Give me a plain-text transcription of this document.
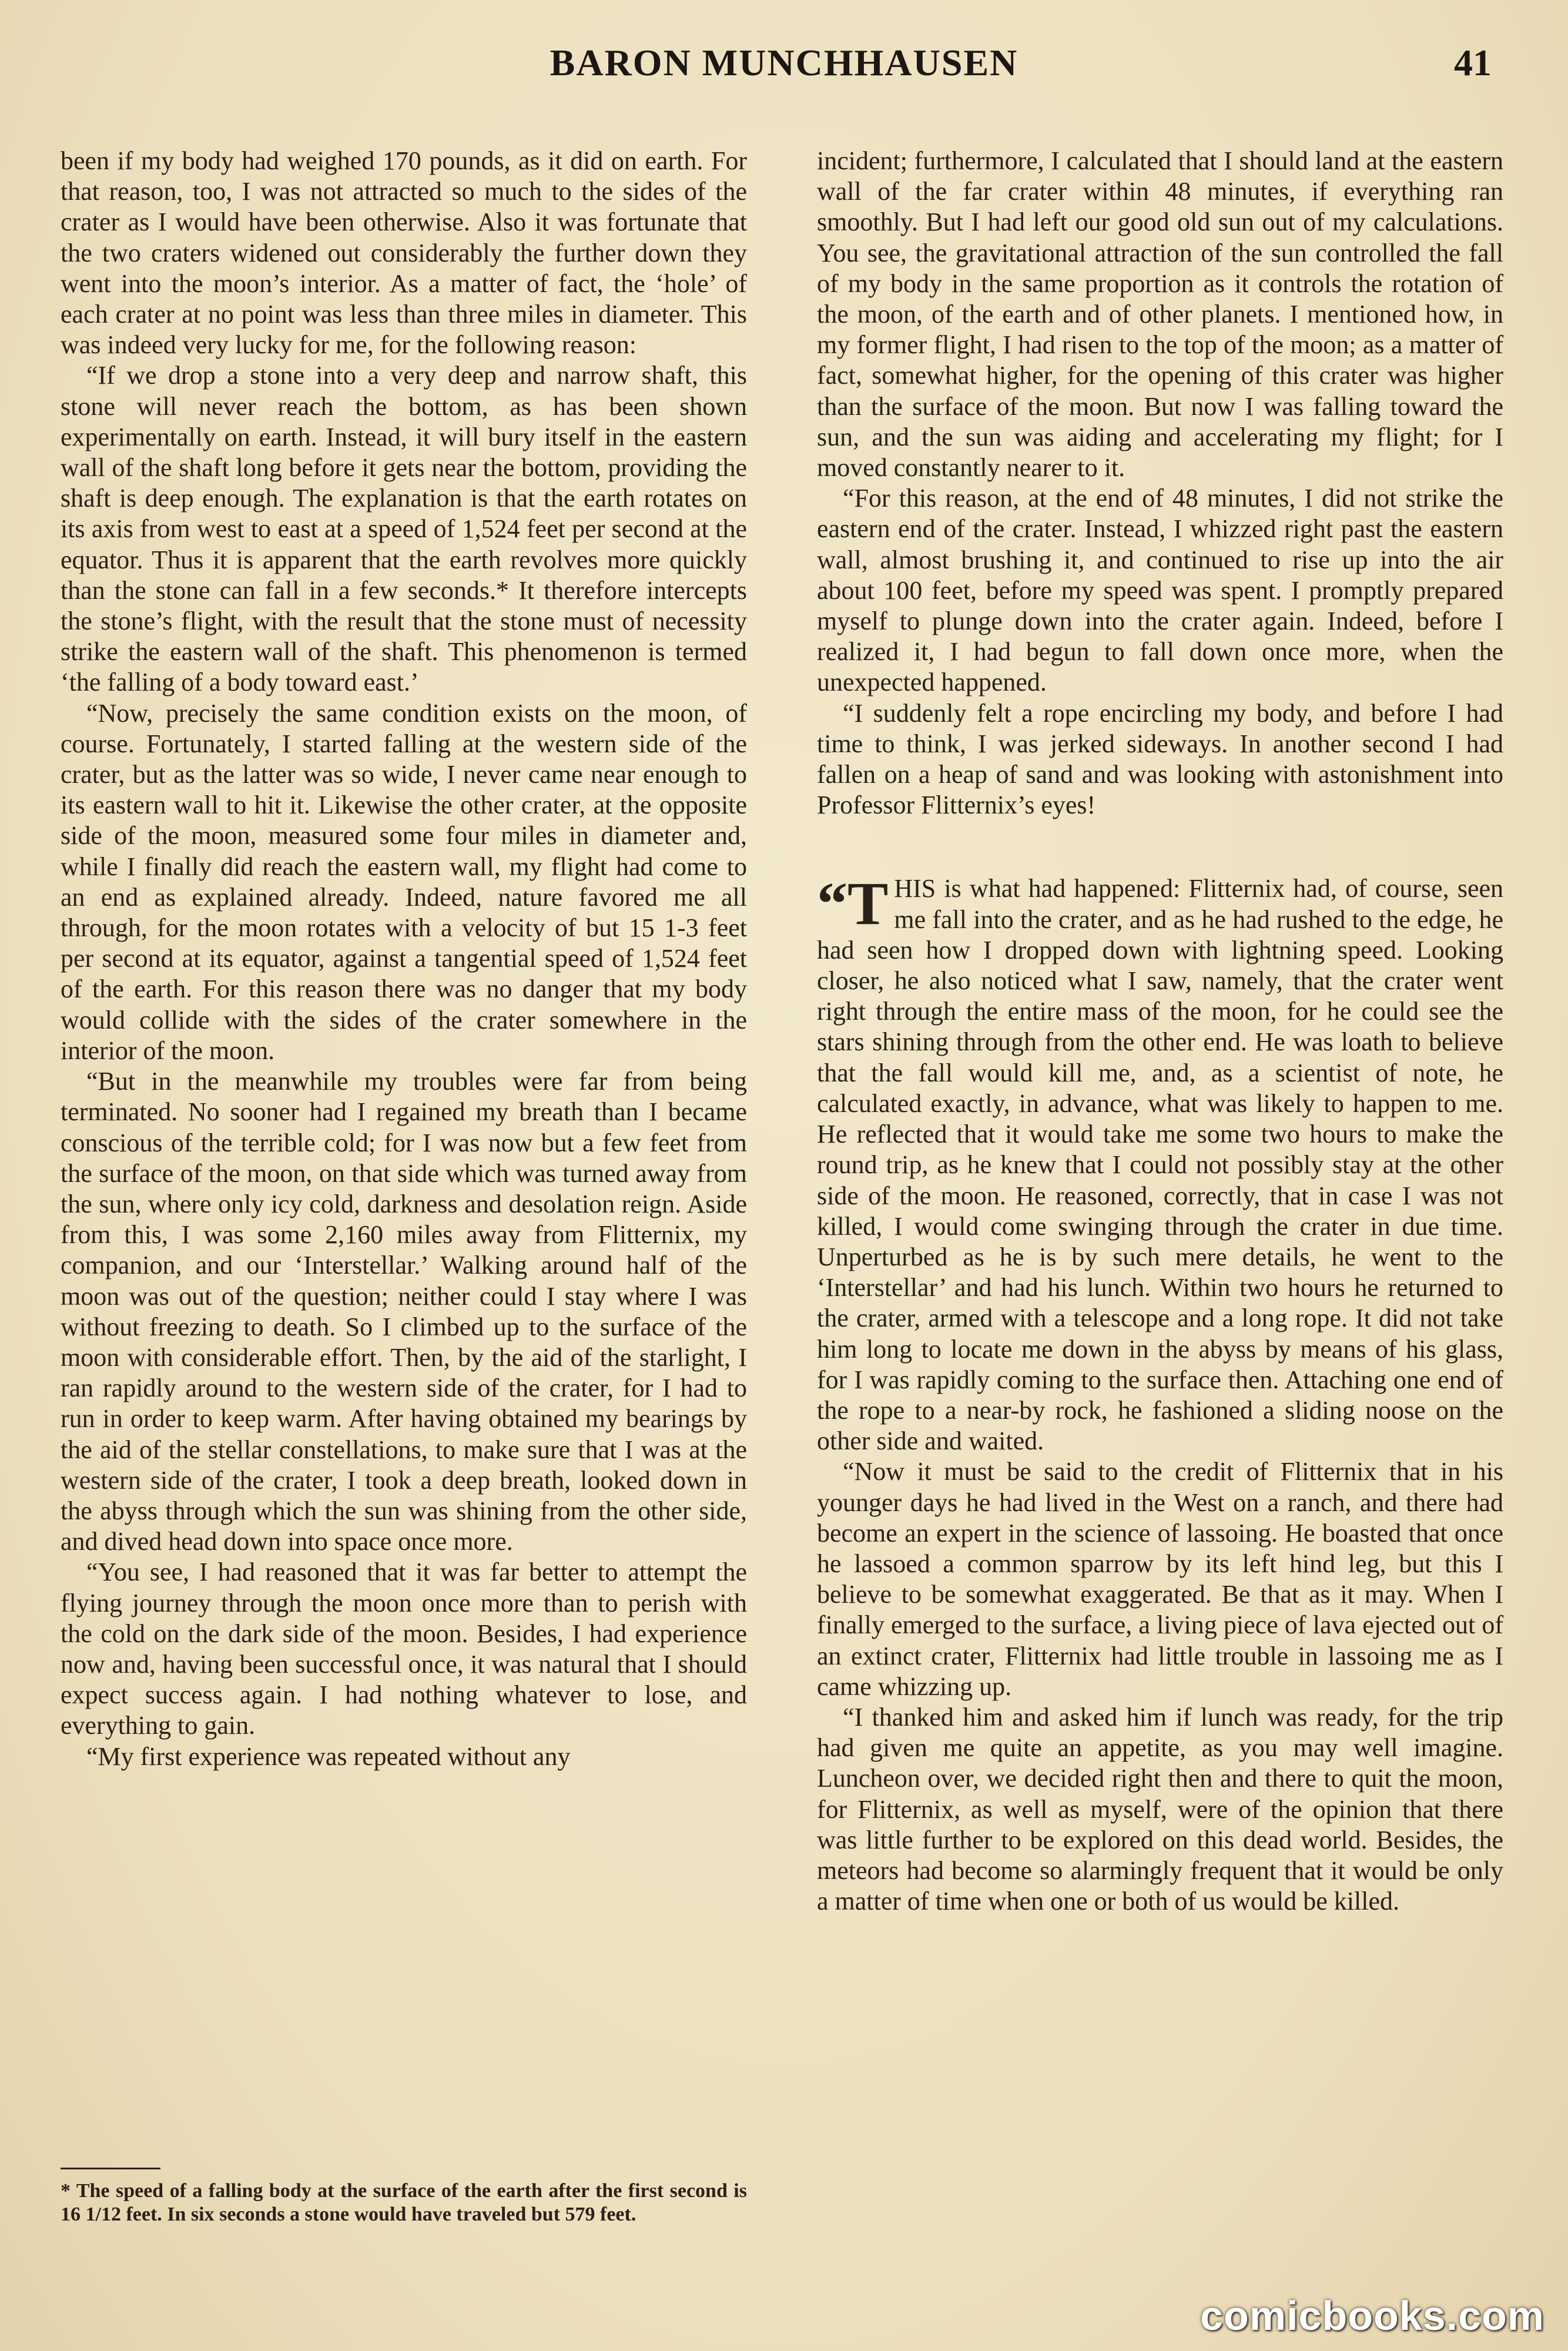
BARON MUNCHHAUSEN	41

been if my body had weighed 170 pounds, as it did on earth. For that reason, too, I was not attracted so much to the sides of the crater as I would have been otherwise. Also it was fortunate that the two craters widened out considerably the further down they went into the moon’s interior. As a matter of fact, the ‘hole’ of each crater at no point was less than three miles in diameter. This was indeed very lucky for me, for the following reason:

“If we drop a stone into a very deep and narrow shaft, this stone will never reach the bottom, as has been shown experimentally on earth. Instead, it will bury itself in the eastern wall of the shaft long before it gets near the bottom, providing the shaft is deep enough. The explanation is that the earth rotates on its axis from west to east at a speed of 1,524 feet per second at the equator. Thus it is apparent that the earth revolves more quickly than the stone can fall in a few seconds.* It therefore intercepts the stone’s flight, with the result that the stone must of necessity strike the eastern wall of the shaft. This phenomenon is termed ‘the falling of a body toward east.’

“Now, precisely the same condition exists on the moon, of course. Fortunately, I started falling at the western side of the crater, but as the latter was so wide, I never came near enough to its eastern wall to hit it. Likewise the other crater, at the opposite side of the moon, measured some four miles in diameter and, while I finally did reach the eastern wall, my flight had come to an end as explained already. Indeed, nature favored me all through, for the moon rotates with a velocity of but 15 1-3 feet per second at its equator, against a tangential speed of 1,524 feet of the earth. For this reason there was no danger that my body would collide with the sides of the crater somewhere in the interior of the moon.

“But in the meanwhile my troubles were far from being terminated. No sooner had I regained my breath than I became conscious of the terrible cold; for I was now but a few feet from the surface of the moon, on that side which was turned away from the sun, where only icy cold, darkness and desolation reign. Aside from this, I was some 2,160 miles away from Flitternix, my companion, and our ‘Interstellar.’ Walking around half of the moon was out of the question; neither could I stay where I was without freezing to death. So I climbed up to the surface of the moon with considerable effort. Then, by the aid of the starlight, I ran rapidly around to the western side of the crater, for I had to run in order to keep warm. After having obtained my bearings by the aid of the stellar constellations, to make sure that I was at the western side of the crater, I took a deep breath, looked down in the abyss through which the sun was shining from the other side, and dived head down into space once more.

“You see, I had reasoned that it was far better to attempt the flying journey through the moon once more than to perish with the cold on the dark side of the moon. Besides, I had experience now and, having been successful once, it was natural that I should expect success again. I had nothing whatever to lose, and everything to gain.

“My first experience was repeated without any

* The speed of a falling body at the surface of the earth after the first second is 16 1/12 feet. In six seconds a stone would have traveled but 579 feet.

incident; furthermore, I calculated that I should land at the eastern wall of the far crater within 48 minutes, if everything ran smoothly. But I had left our good old sun out of my calculations. You see, the gravitational attraction of the sun controlled the fall of my body in the same proportion as it controls the rotation of the moon, of the earth and of other planets. I mentioned how, in my former flight, I had risen to the top of the moon; as a matter of fact, somewhat higher, for the opening of this crater was higher than the surface of the moon. But now I was falling toward the sun, and the sun was aiding and accelerating my flight; for I moved constantly nearer to it.

“For this reason, at the end of 48 minutes, I did not strike the eastern end of the crater. Instead, I whizzed right past the eastern wall, almost brushing it, and continued to rise up into the air about 100 feet, before my speed was spent. I promptly prepared myself to plunge down into the crater again. Indeed, before I realized it, I had begun to fall down once more, when the unexpected happened.

“I suddenly felt a rope encircling my body, and before I had time to think, I was jerked sideways. In another second I had fallen on a heap of sand and was looking with astonishment into Professor Flitternix’s eyes!

“THIS is what had happened: Flitternix had, of course, seen me fall into the crater, and as he had rushed to the edge, he had seen how I dropped down with lightning speed. Looking closer, he also noticed what I saw, namely, that the crater went right through the entire mass of the moon, for he could see the stars shining through from the other end. He was loath to believe that the fall would kill me, and, as a scientist of note, he calculated exactly, in advance, what was likely to happen to me. He reflected that it would take me some two hours to make the round trip, as he knew that I could not possibly stay at the other side of the moon. He reasoned, correctly, that in case I was not killed, I would come swinging through the crater in due time. Unperturbed as he is by such mere details, he went to the ‘Interstellar’ and had his lunch. Within two hours he returned to the crater, armed with a telescope and a long rope. It did not take him long to locate me down in the abyss by means of his glass, for I was rapidly coming to the surface then. Attaching one end of the rope to a near-by rock, he fashioned a sliding noose on the other side and waited.

“Now it must be said to the credit of Flitternix that in his younger days he had lived in the West on a ranch, and there had become an expert in the science of lassoing. He boasted that once he lassoed a common sparrow by its left hind leg, but this I believe to be somewhat exaggerated. Be that as it may. When I finally emerged to the surface, a living piece of lava ejected out of an extinct crater, Flitternix had little trouble in lassoing me as I came whizzing up.

“I thanked him and asked him if lunch was ready, for the trip had given me quite an appetite, as you may well imagine. Luncheon over, we decided right then and there to quit the moon, for Flitternix, as well as myself, were of the opinion that there was little further to be explored on this dead world. Besides, the meteors had become so alarmingly frequent that it would be only a matter of time when one or both of us would be killed.

comicbooks.com
